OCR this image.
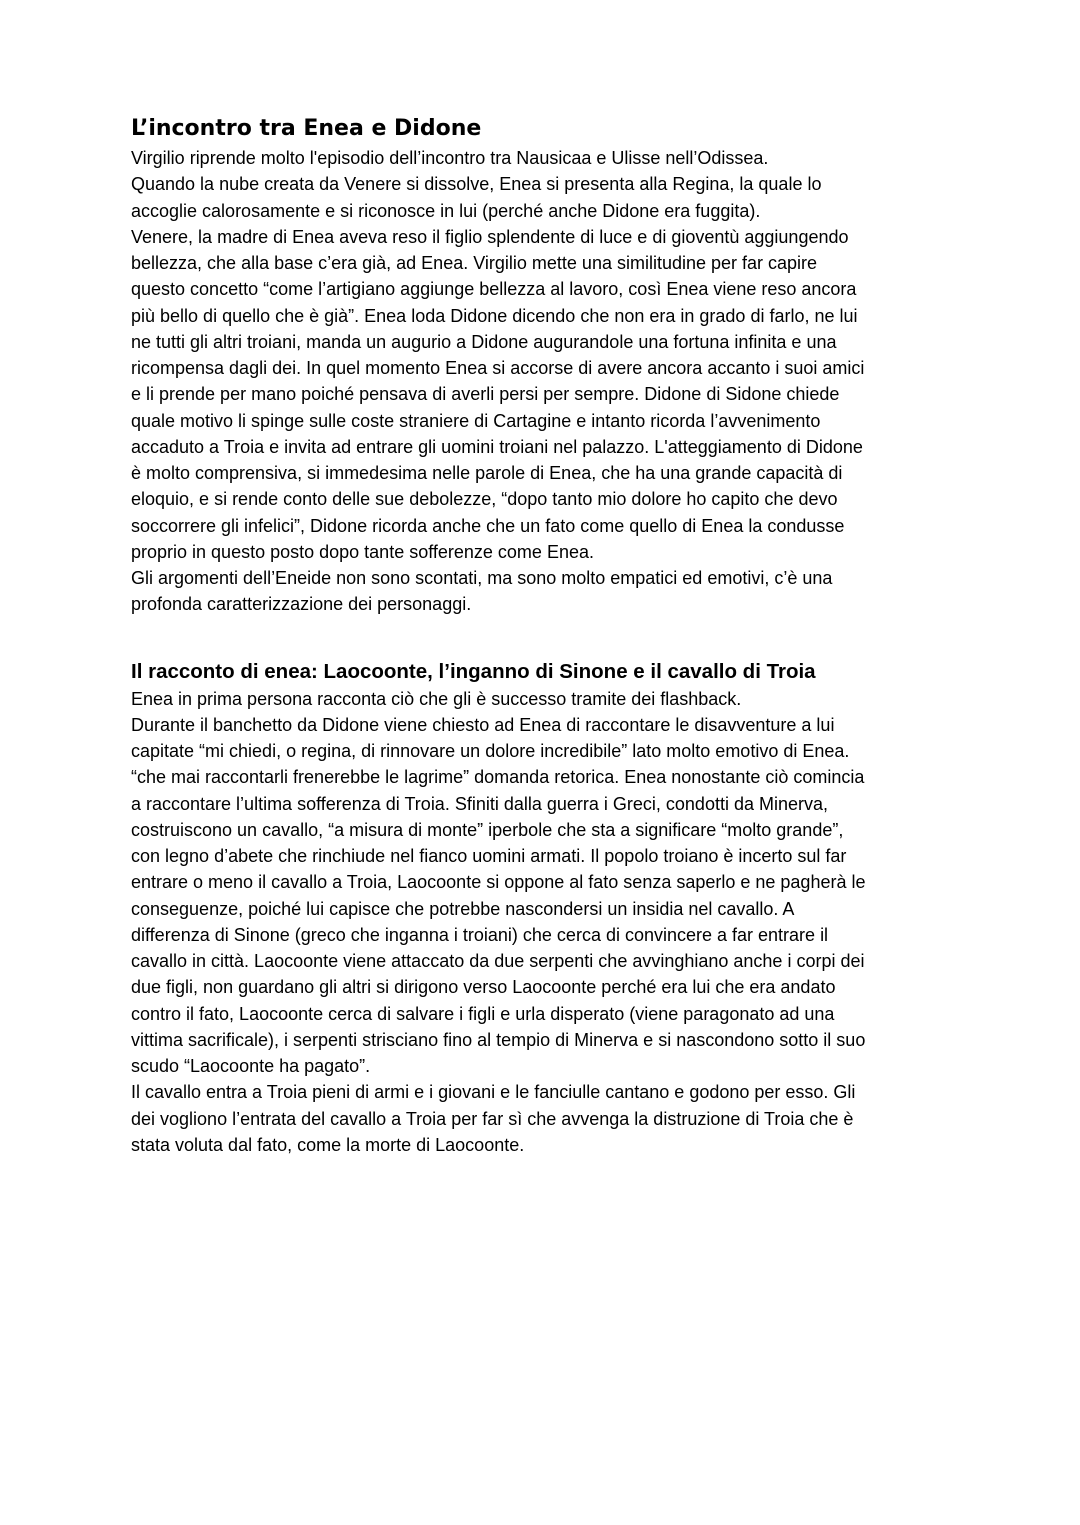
L’incontro tra Enea e Didone

Virgilio riprende molto l'episodio dell’incontro tra Nausicaa e Ulisse nell’Odissea.
Quando la nube creata da Venere si dissolve, Enea si presenta alla Regina, la quale lo
accoglie calorosamente e si riconosce in lui (perché anche Didone era fuggita).
Venere, la madre di Enea aveva reso il figlio splendente di luce e di gioventù aggiungendo
bellezza, che alla base c’era già, ad Enea. Virgilio mette una similitudine per far capire
questo concetto “come l’artigiano aggiunge bellezza al lavoro, così Enea viene reso ancora
più bello di quello che è già”. Enea loda Didone dicendo che non era in grado di farlo, ne lui
ne tutti gli altri troiani, manda un augurio a Didone augurandole una fortuna infinita e una
ricompensa dagli dei. In quel momento Enea si accorse di avere ancora accanto i suoi amici
e li prende per mano poiché pensava di averli persi per sempre. Didone di Sidone chiede
quale motivo li spinge sulle coste straniere di Cartagine e intanto ricorda l’avvenimento
accaduto a Troia e invita ad entrare gli uomini troiani nel palazzo. L'atteggiamento di Didone
è molto comprensiva, si immedesima nelle parole di Enea, che ha una grande capacità di
eloquio, e si rende conto delle sue debolezze, “dopo tanto mio dolore ho capito che devo
soccorrere gli infelici”, Didone ricorda anche che un fato come quello di Enea la condusse
proprio in questo posto dopo tante sofferenze come Enea.
Gli argomenti dell’Eneide non sono scontati, ma sono molto empatici ed emotivi, c’è una
profonda caratterizzazione dei personaggi.

Il racconto di enea: Laocoonte, l’inganno di Sinone e il cavallo di Troia

Enea in prima persona racconta ciò che gli è successo tramite dei flashback.
Durante il banchetto da Didone viene chiesto ad Enea di raccontare le disavventure a lui
capitate “mi chiedi, o regina, di rinnovare un dolore incredibile” lato molto emotivo di Enea.
“che mai raccontarli frenerebbe le lagrime” domanda retorica. Enea nonostante ciò comincia
a raccontare l’ultima sofferenza di Troia. Sfiniti dalla guerra i Greci, condotti da Minerva,
costruiscono un cavallo, “a misura di monte” iperbole che sta a significare “molto grande”,
con legno d’abete che rinchiude nel fianco uomini armati. Il popolo troiano è incerto sul far
entrare o meno il cavallo a Troia, Laocoonte si oppone al fato senza saperlo e ne pagherà le
conseguenze, poiché lui capisce che potrebbe nascondersi un insidia nel cavallo. A
differenza di Sinone (greco che inganna i troiani) che cerca di convincere a far entrare il
cavallo in città. Laocoonte viene attaccato da due serpenti che avvinghiano anche i corpi dei
due figli, non guardano gli altri si dirigono verso Laocoonte perché era lui che era andato
contro il fato, Laocoonte cerca di salvare i figli e urla disperato (viene paragonato ad una
vittima sacrificale), i serpenti strisciano fino al tempio di Minerva e si nascondono sotto il suo
scudo “Laocoonte ha pagato”.
Il cavallo entra a Troia pieni di armi e i giovani e le fanciulle cantano e godono per esso. Gli
dei vogliono l’entrata del cavallo a Troia per far sì che avvenga la distruzione di Troia che è
stata voluta dal fato, come la morte di Laocoonte.
